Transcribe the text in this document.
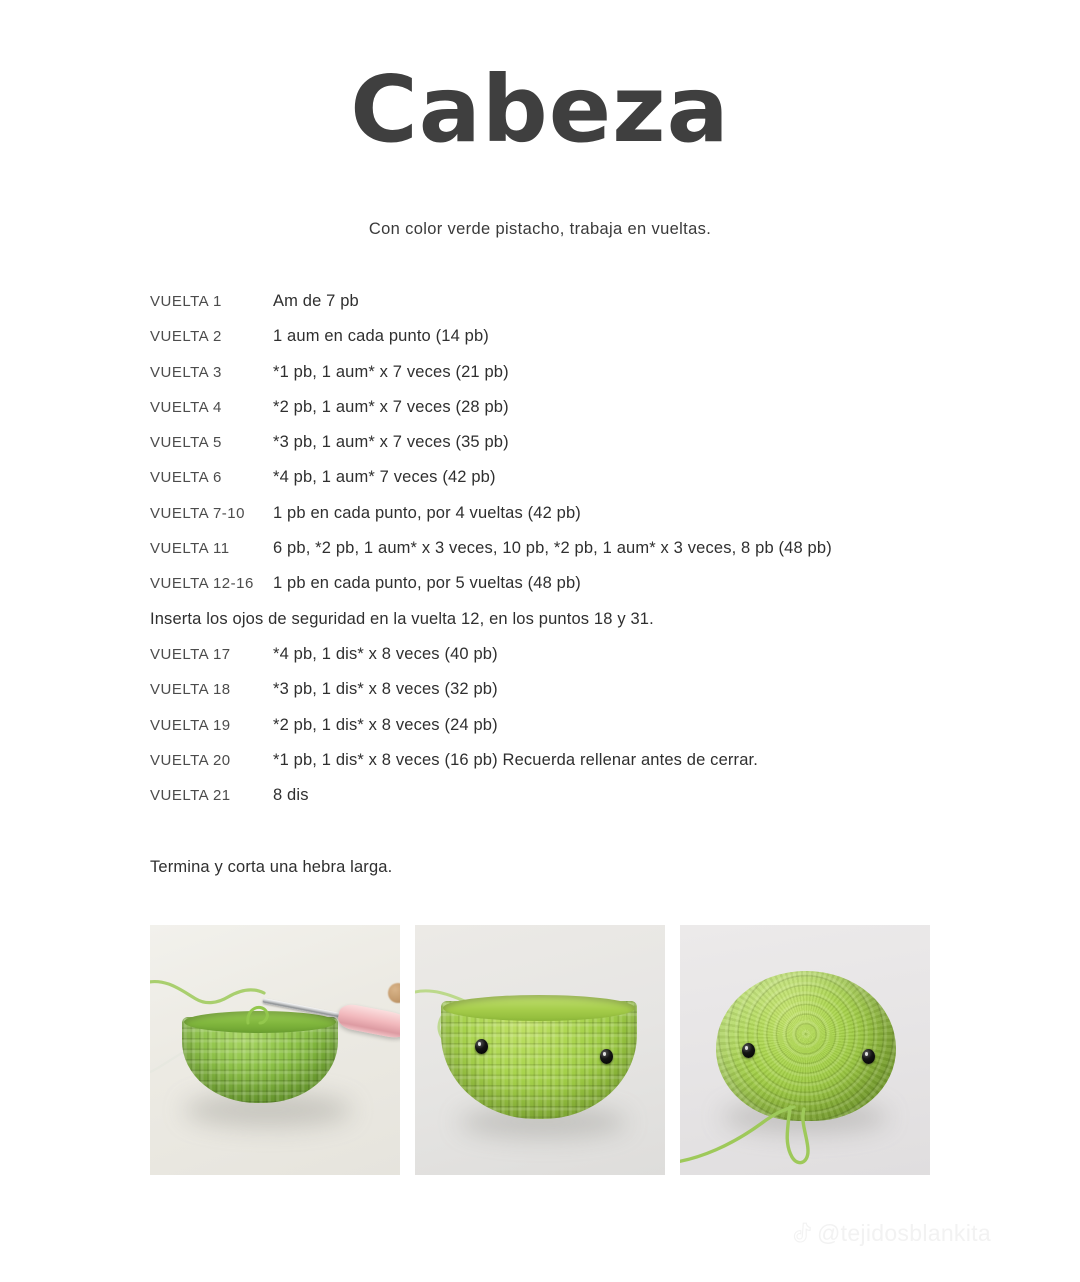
Cabeza
Con color verde pistacho, trabaja en vueltas.
VUELTA 1	Am de 7 pb
VUELTA 2	1 aum en cada punto (14 pb)
VUELTA 3	*1 pb, 1 aum* x 7 veces (21 pb)
VUELTA 4	*2 pb, 1 aum* x 7 veces (28 pb)
VUELTA 5	*3 pb, 1 aum* x 7 veces (35 pb)
VUELTA 6	*4 pb, 1 aum* 7 veces (42 pb)
VUELTA 7-10	1 pb en cada punto, por 4 vueltas (42 pb)
VUELTA 11	6 pb, *2 pb, 1 aum* x 3 veces, 10 pb, *2 pb, 1 aum* x 3 veces, 8 pb (48 pb)
VUELTA 12-16	1 pb en cada punto, por 5 vueltas (48 pb)
Inserta los ojos de seguridad en la vuelta 12, en los puntos 18 y 31.
VUELTA 17	*4 pb, 1 dis* x 8 veces (40 pb)
VUELTA 18	*3 pb, 1 dis* x 8 veces (32 pb)
VUELTA 19	*2 pb, 1 dis* x 8 veces (24 pb)
VUELTA 20	*1 pb, 1 dis* x 8 veces (16 pb) Recuerda rellenar antes de cerrar.
VUELTA 21	8 dis
Termina y corta una hebra larga.
@tejidosblankita
